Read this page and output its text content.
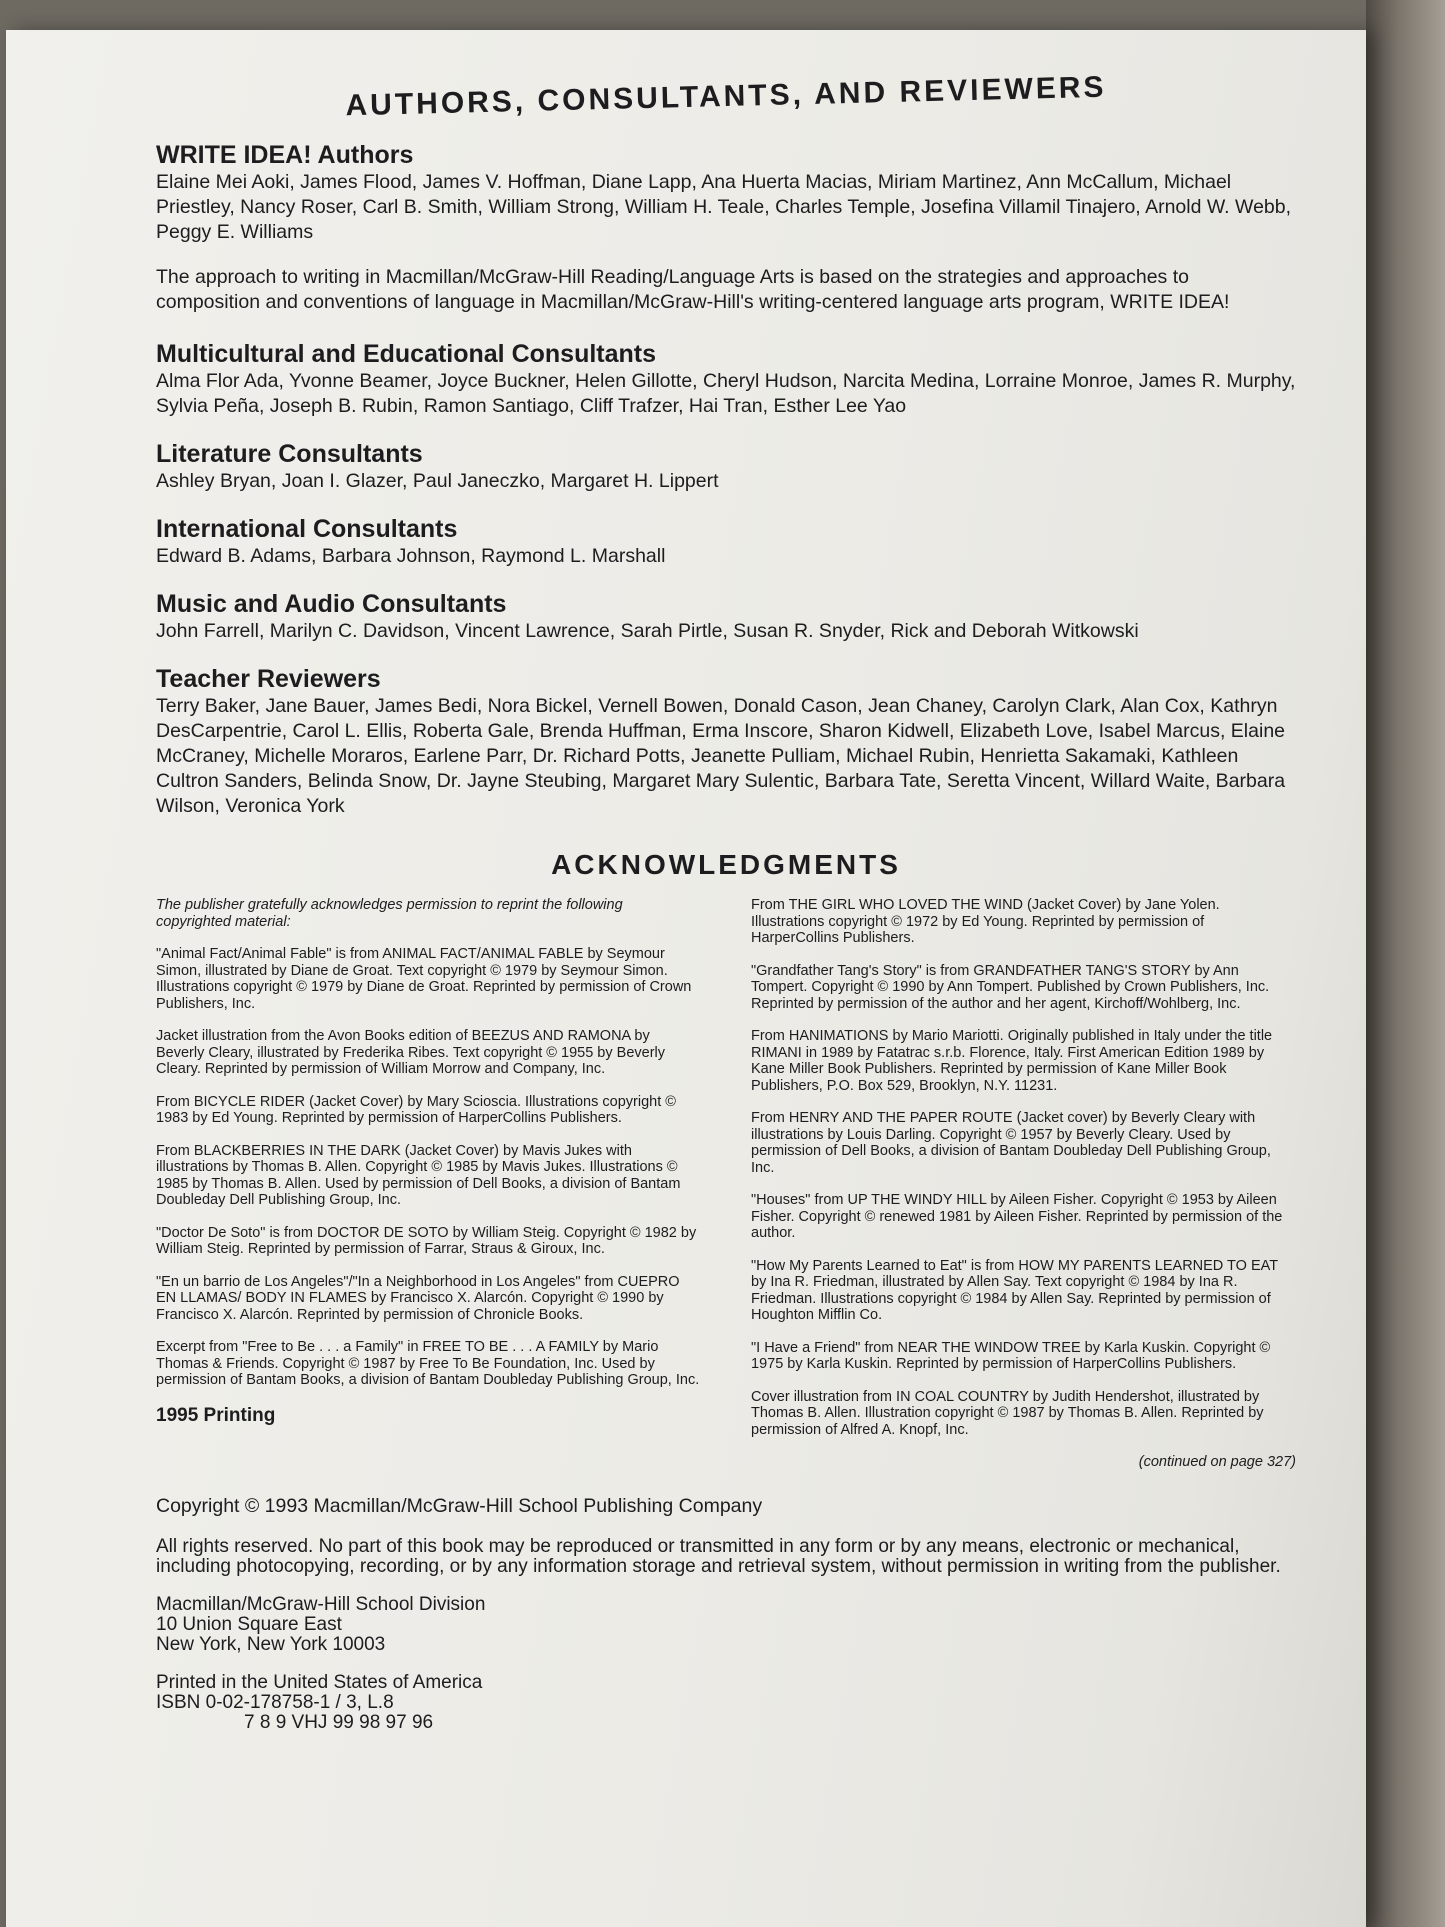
AUTHORS, CONSULTANTS, AND REVIEWERS
WRITE IDEA! Authors

Elaine Mei Aoki, James Flood, James V. Hoffman, Diane Lapp, Ana Huerta Macias, Miriam Martinez, Ann McCallum, Michael Priestley, Nancy Roser, Carl B. Smith, William Strong, William H. Teale, Charles Temple, Josefina Villamil Tinajero, Arnold W. Webb, Peggy E. Williams

The approach to writing in Macmillan/McGraw-Hill Reading/Language Arts is based on the strategies and approaches to composition and conventions of language in Macmillan/McGraw-Hill's writing-centered language arts program, WRITE IDEA!

Multicultural and Educational Consultants

Alma Flor Ada, Yvonne Beamer, Joyce Buckner, Helen Gillotte, Cheryl Hudson, Narcita Medina, Lorraine Monroe, James R. Murphy, Sylvia Peña, Joseph B. Rubin, Ramon Santiago, Cliff Trafzer, Hai Tran, Esther Lee Yao

Literature Consultants

Ashley Bryan, Joan I. Glazer, Paul Janeczko, Margaret H. Lippert

International Consultants

Edward B. Adams, Barbara Johnson, Raymond L. Marshall

Music and Audio Consultants

John Farrell, Marilyn C. Davidson, Vincent Lawrence, Sarah Pirtle, Susan R. Snyder, Rick and Deborah Witkowski

Teacher Reviewers

Terry Baker, Jane Bauer, James Bedi, Nora Bickel, Vernell Bowen, Donald Cason, Jean Chaney, Carolyn Clark, Alan Cox, Kathryn DesCarpentrie, Carol L. Ellis, Roberta Gale, Brenda Huffman, Erma Inscore, Sharon Kidwell, Elizabeth Love, Isabel Marcus, Elaine McCraney, Michelle Moraros, Earlene Parr, Dr. Richard Potts, Jeanette Pulliam, Michael Rubin, Henrietta Sakamaki, Kathleen Cultron Sanders, Belinda Snow, Dr. Jayne Steubing, Margaret Mary Sulentic, Barbara Tate, Seretta Vincent, Willard Waite, Barbara Wilson, Veronica York

ACKNOWLEDGMENTS

The publisher gratefully acknowledges permission to reprint the following copyrighted material:

"Animal Fact/Animal Fable" is from ANIMAL FACT/ANIMAL FABLE by Seymour Simon, illustrated by Diane de Groat. Text copyright © 1979 by Seymour Simon. Illustrations copyright © 1979 by Diane de Groat. Reprinted by permission of Crown Publishers, Inc.

Jacket illustration from the Avon Books edition of BEEZUS AND RAMONA by Beverly Cleary, illustrated by Frederika Ribes. Text copyright © 1955 by Beverly Cleary. Reprinted by permission of William Morrow and Company, Inc.

From BICYCLE RIDER (Jacket Cover) by Mary Scioscia. Illustrations copyright © 1983 by Ed Young. Reprinted by permission of HarperCollins Publishers.

From BLACKBERRIES IN THE DARK (Jacket Cover) by Mavis Jukes with illustrations by Thomas B. Allen. Copyright © 1985 by Mavis Jukes. Illustrations © 1985 by Thomas B. Allen. Used by permission of Dell Books, a division of Bantam Doubleday Dell Publishing Group, Inc.

"Doctor De Soto" is from DOCTOR DE SOTO by William Steig. Copyright © 1982 by William Steig. Reprinted by permission of Farrar, Straus & Giroux, Inc.

"En un barrio de Los Angeles"/"In a Neighborhood in Los Angeles" from CUEPRO EN LLAMAS/ BODY IN FLAMES by Francisco X. Alarcón. Copyright © 1990 by Francisco X. Alarcón. Reprinted by permission of Chronicle Books.

Excerpt from "Free to Be . . . a Family" in FREE TO BE . . . A FAMILY by Mario Thomas & Friends. Copyright © 1987 by Free To Be Foundation, Inc. Used by permission of Bantam Books, a division of Bantam Doubleday Publishing Group, Inc.

1995 Printing

From THE GIRL WHO LOVED THE WIND (Jacket Cover) by Jane Yolen. Illustrations copyright © 1972 by Ed Young. Reprinted by permission of HarperCollins Publishers.

"Grandfather Tang's Story" is from GRANDFATHER TANG'S STORY by Ann Tompert. Copyright © 1990 by Ann Tompert. Published by Crown Publishers, Inc. Reprinted by permission of the author and her agent, Kirchoff/Wohlberg, Inc.

From HANIMATIONS by Mario Mariotti. Originally published in Italy under the title RIMANI in 1989 by Fatatrac s.r.b. Florence, Italy. First American Edition 1989 by Kane Miller Book Publishers. Reprinted by permission of Kane Miller Book Publishers, P.O. Box 529, Brooklyn, N.Y. 11231.

From HENRY AND THE PAPER ROUTE (Jacket cover) by Beverly Cleary with illustrations by Louis Darling. Copyright © 1957 by Beverly Cleary. Used by permission of Dell Books, a division of Bantam Doubleday Dell Publishing Group, Inc.

"Houses" from UP THE WINDY HILL by Aileen Fisher. Copyright © 1953 by Aileen Fisher. Copyright © renewed 1981 by Aileen Fisher. Reprinted by permission of the author.

"How My Parents Learned to Eat" is from HOW MY PARENTS LEARNED TO EAT by Ina R. Friedman, illustrated by Allen Say. Text copyright © 1984 by Ina R. Friedman. Illustrations copyright © 1984 by Allen Say. Reprinted by permission of Houghton Mifflin Co.

"I Have a Friend" from NEAR THE WINDOW TREE by Karla Kuskin. Copyright © 1975 by Karla Kuskin. Reprinted by permission of HarperCollins Publishers.

Cover illustration from IN COAL COUNTRY by Judith Hendershot, illustrated by Thomas B. Allen. Illustration copyright © 1987 by Thomas B. Allen. Reprinted by permission of Alfred A. Knopf, Inc.

(continued on page 327)

Copyright © 1993 Macmillan/McGraw-Hill School Publishing Company

All rights reserved. No part of this book may be reproduced or transmitted in any form or by any means, electronic or mechanical, including photocopying, recording, or by any information storage and retrieval system, without permission in writing from the publisher.

Macmillan/McGraw-Hill School Division

10 Union Square East

New York, New York 10003

Printed in the United States of America

ISBN 0-02-178758-1 / 3, L.8

7 8 9 VHJ 99 98 97 96
